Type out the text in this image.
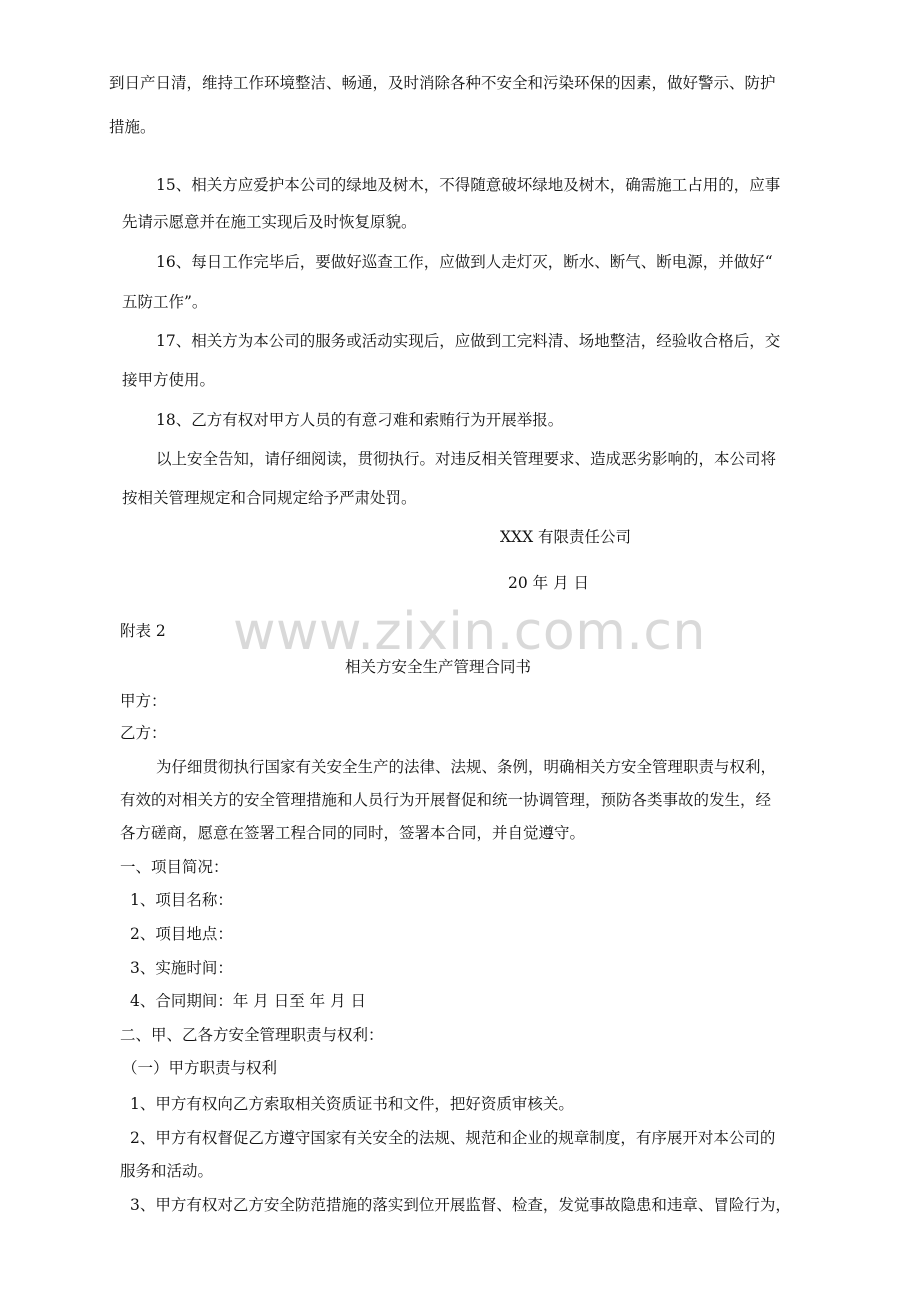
www.zixin.com.cn
到日产日清，维持工作环境整洁、畅通，及时消除各种不安全和污染环保的因素，做好警示、防护
措施。
15、相关方应爱护本公司的绿地及树木，不得随意破坏绿地及树木，确需施工占用的，应事
先请示愿意并在施工实现后及时恢复原貌。
16、每日工作完毕后，要做好巡查工作，应做到人走灯灭，断水、断气、断电源，并做好“
五防工作”。
17、相关方为本公司的服务或活动实现后，应做到工完料清、场地整洁，经验收合格后，交
接甲方使用。
18、乙方有权对甲方人员的有意刁难和索贿行为开展举报。
以上安全告知，请仔细阅读，贯彻执行。对违反相关管理要求、造成恶劣影响的，本公司将
按相关管理规定和合同规定给予严肃处罚。
XXX 有限责任公司
20 年 月 日
附表 2
相关方安全生产管理合同书
甲方：
乙方：
为仔细贯彻执行国家有关安全生产的法律、法规、条例，明确相关方安全管理职责与权利，
有效的对相关方的安全管理措施和人员行为开展督促和统一协调管理，预防各类事故的发生，经
各方磋商，愿意在签署工程合同的同时，签署本合同，并自觉遵守。
一、项目简况：
1、项目名称：
2、项目地点：
3、实施时间：
4、合同期间：年 月 日至 年 月 日
二、甲、乙各方安全管理职责与权利：
（一）甲方职责与权利
1、甲方有权向乙方索取相关资质证书和文件，把好资质审核关。
2、甲方有权督促乙方遵守国家有关安全的法规、规范和企业的规章制度，有序展开对本公司的
服务和活动。
3、甲方有权对乙方安全防范措施的落实到位开展监督、检查，发觉事故隐患和违章、冒险行为，
